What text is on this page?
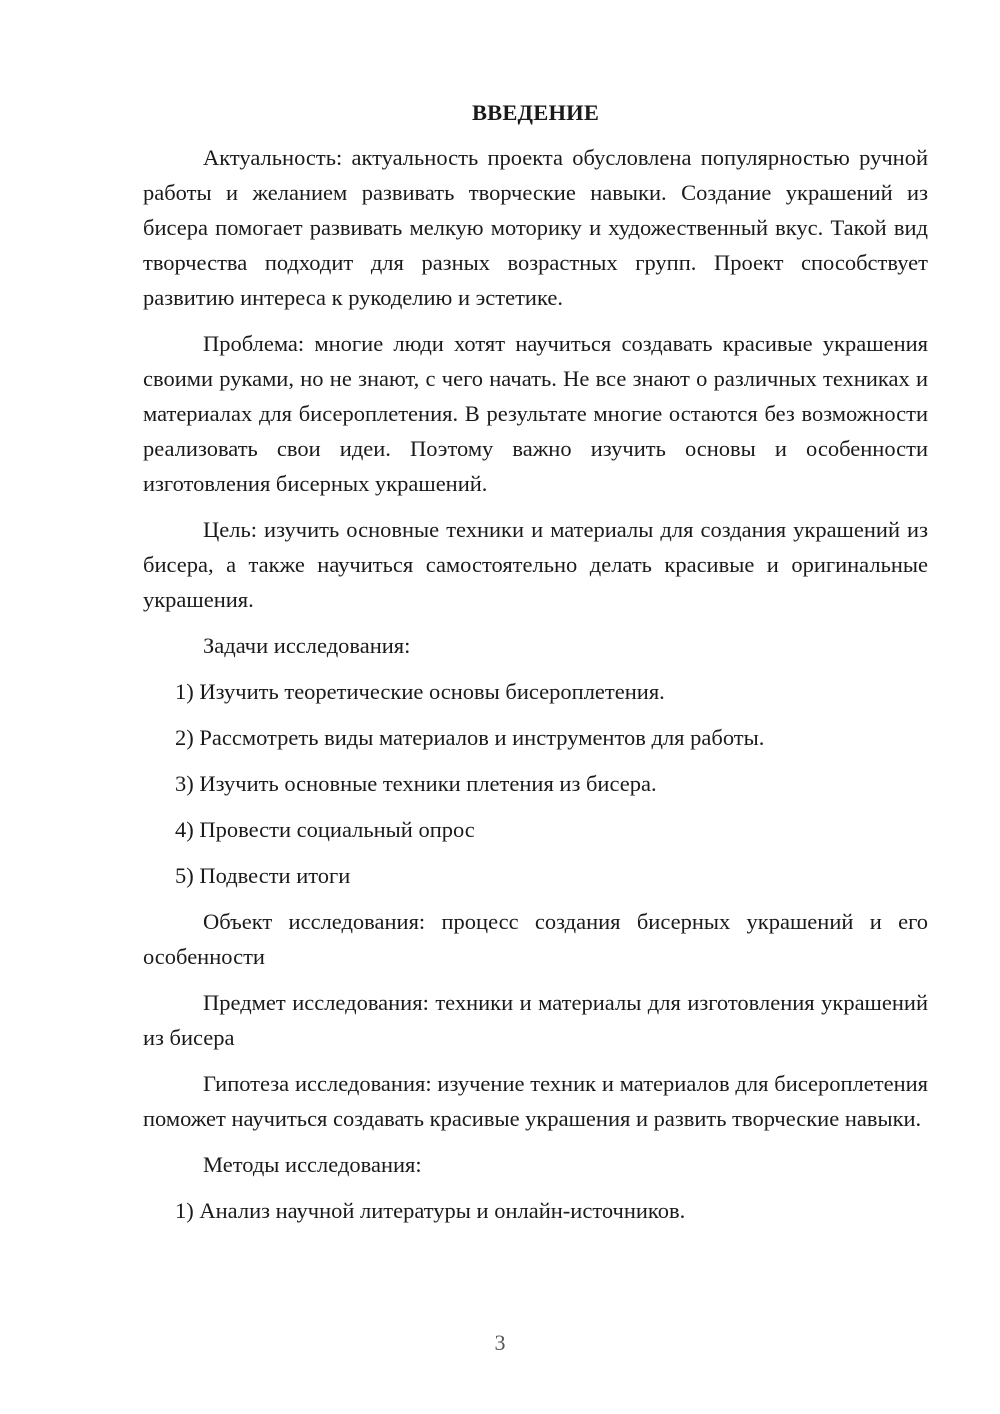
ВВЕДЕНИЕ

Актуальность: актуальность проекта обусловлена популярностью ручной работы и желанием развивать творческие навыки. Создание украшений из бисера помогает развивать мелкую моторику и художественный вкус. Такой вид творчества подходит для разных возрастных групп. Проект способствует развитию интереса к рукоделию и эстетике.

Проблема: многие люди хотят научиться создавать красивые украшения своими руками, но не знают, с чего начать. Не все знают о различных техниках и материалах для бисероплетения. В результате многие остаются без возможности реализовать свои идеи. Поэтому важно изучить основы и особенности изготовления бисерных украшений.

Цель: изучить основные техники и материалы для создания украшений из бисера, а также научиться самостоятельно делать красивые и оригинальные украшения.

Задачи исследования:

1) Изучить теоретические основы бисероплетения.
2) Рассмотреть виды материалов и инструментов для работы.
3) Изучить основные техники плетения из бисера.
4) Провести социальный опрос
5) Подвести итоги

Объект исследования: процесс создания бисерных украшений и его особенности

Предмет исследования: техники и материалы для изготовления украшений из бисера

Гипотеза исследования: изучение техник и материалов для бисероплетения поможет научиться создавать красивые украшения и развить творческие навыки.

Методы исследования:

1) Анализ научной литературы и онлайн-источников.
3
